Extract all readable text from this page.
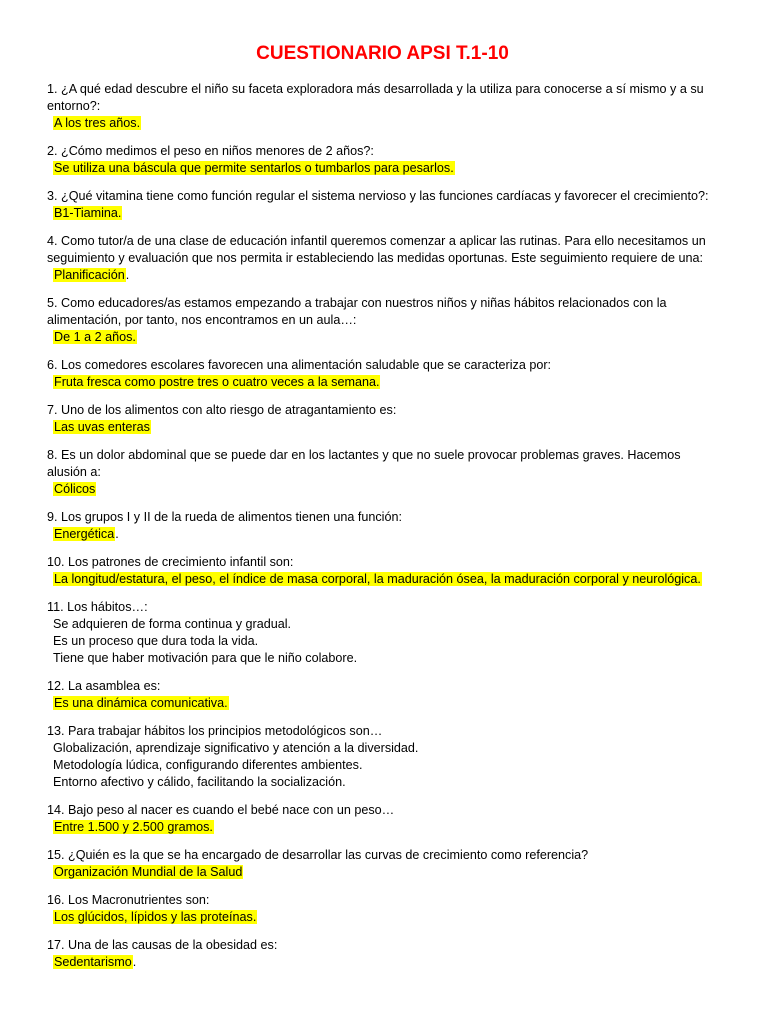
CUESTIONARIO APSI T.1-10
1. ¿A qué edad descubre el niño su faceta exploradora más desarrollada y la utiliza para conocerse a sí mismo y a su entorno?:
A los tres años.
2. ¿Cómo medimos el peso en niños menores de 2 años?:
Se utiliza una báscula que permite sentarlos o tumbarlos para pesarlos.
3. ¿Qué vitamina tiene como función regular el sistema nervioso y las funciones cardíacas y favorecer el crecimiento?:
B1-Tiamina.
4. Como tutor/a de una clase de educación infantil queremos comenzar a aplicar las rutinas. Para ello necesitamos un seguimiento y evaluación que nos permita ir estableciendo las medidas oportunas. Este seguimiento requiere de una:
Planificación.
5. Como educadores/as estamos empezando a trabajar con nuestros niños y niñas hábitos relacionados con la alimentación, por tanto, nos encontramos en un aula…:
De 1 a 2 años.
6. Los comedores escolares favorecen una alimentación saludable que se caracteriza por:
Fruta fresca como postre tres o cuatro veces a la semana.
7. Uno de los alimentos con alto riesgo de atragantamiento es:
Las uvas enteras
8. Es un dolor abdominal que se puede dar en los lactantes y que no suele provocar problemas graves. Hacemos alusión a:
Cólicos
9. Los grupos I y II de la rueda de alimentos tienen una función:
Energética.
10. Los patrones de crecimiento infantil son:
La longitud/estatura, el peso, el índice de masa corporal, la maduración ósea, la maduración corporal y neurológica.
11. Los hábitos…:
Se adquieren de forma continua y gradual.
Es un proceso que dura toda la vida.
Tiene que haber motivación para que le niño colabore.
12. La asamblea es:
Es una dinámica comunicativa.
13. Para trabajar hábitos los principios metodológicos son…
Globalización, aprendizaje significativo y atención a la diversidad.
Metodología lúdica, configurando diferentes ambientes.
Entorno afectivo y cálido, facilitando la socialización.
14. Bajo peso al nacer es cuando el bebé nace con un peso…
Entre 1.500 y 2.500 gramos.
15. ¿Quién es la que se ha encargado de desarrollar las curvas de crecimiento como referencia?
Organización Mundial de la Salud
16. Los Macronutrientes son:
Los glúcidos, lípidos y las proteínas.
17. Una de las causas de la obesidad es:
Sedentarismo.
